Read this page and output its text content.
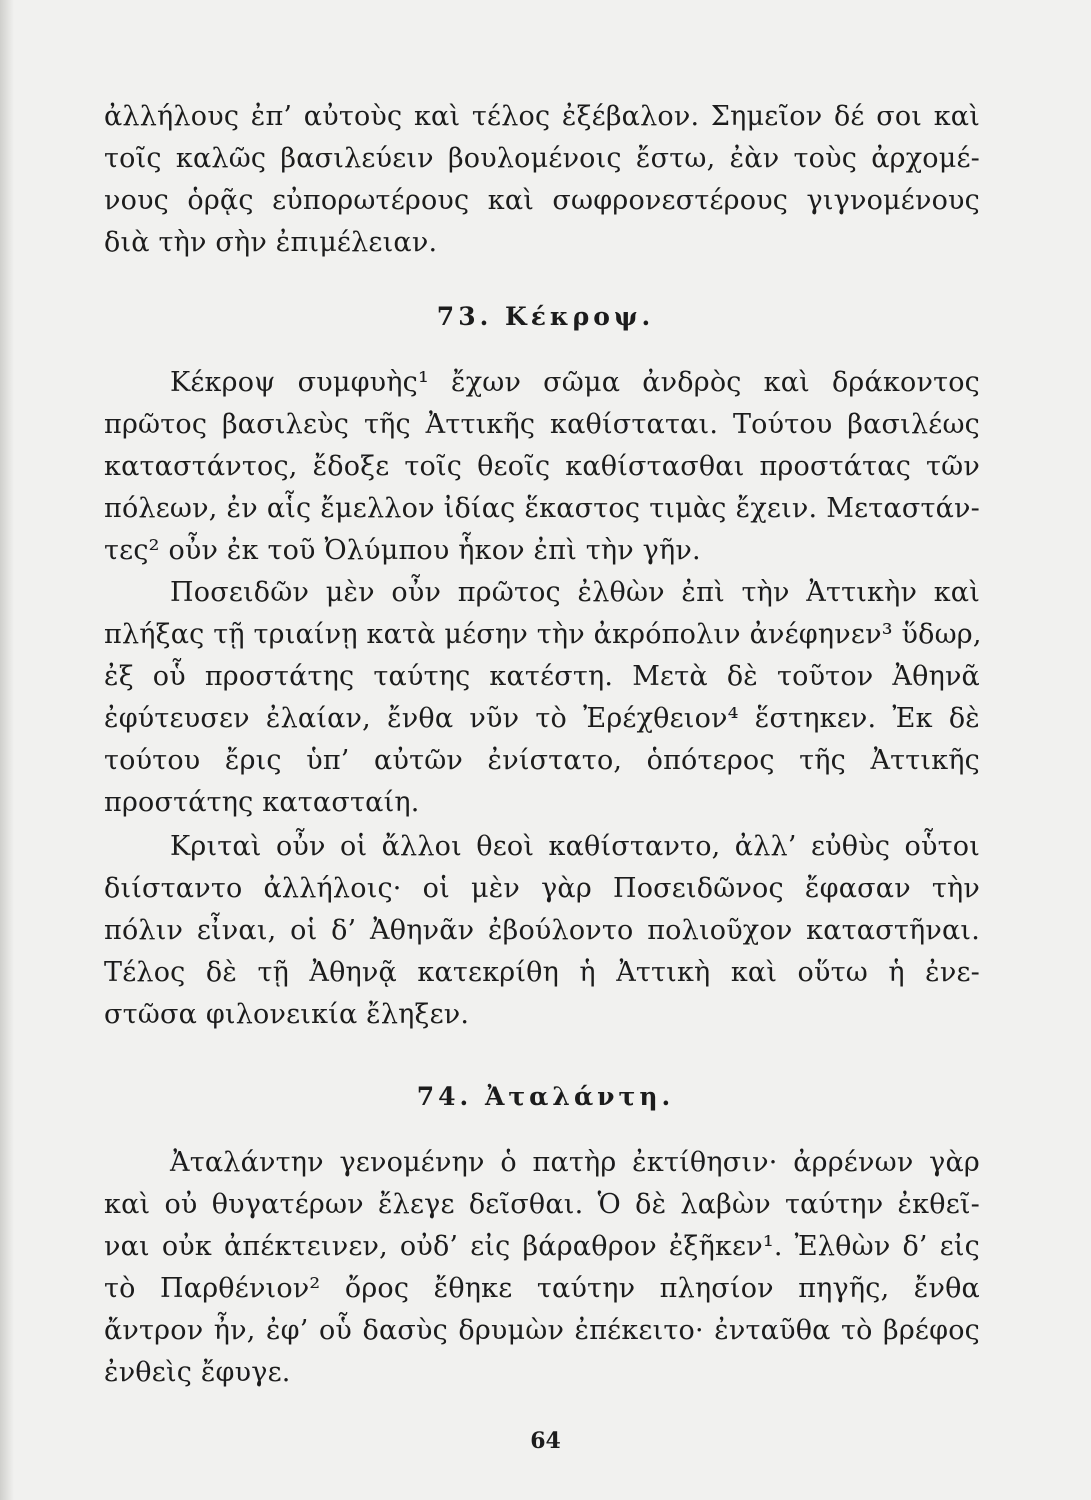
ἀλλήλους ἐπ’ αὐτοὺς καὶ τέλος ἐξέβαλον. Σημεῖον δέ σοι καὶ
τοῖς καλῶς βασιλεύειν βουλομένοις ἔστω, ἐὰν τοὺς ἀρχομέ-
νους ὁρᾷς εὐπορωτέρους καὶ σωφρονεστέρους γιγνομένους
διὰ τὴν σὴν ἐπιμέλειαν.
73. Κέκροψ.
Κέκροψ συμφυὴς¹ ἔχων σῶμα ἀνδρὸς καὶ δράκοντος
πρῶτος βασιλεὺς τῆς Ἀττικῆς καθίσταται. Τούτου βασιλέως
καταστάντος, ἔδοξε τοῖς θεοῖς καθίστασθαι προστάτας τῶν
πόλεων, ἐν αἷς ἔμελλον ἰδίας ἕκαστος τιμὰς ἔχειν. Μεταστάν-
τες² οὖν ἐκ τοῦ Ὀλύμπου ἧκον ἐπὶ τὴν γῆν.
Ποσειδῶν μὲν οὖν πρῶτος ἐλθὼν ἐπὶ τὴν Ἀττικὴν καὶ
πλήξας τῇ τριαίνῃ κατὰ μέσην τὴν ἀκρόπολιν ἀνέφηνεν³ ὕδωρ,
ἐξ οὗ προστάτης ταύτης κατέστη. Μετὰ δὲ τοῦτον Ἀθηνᾶ
ἐφύτευσεν ἐλαίαν, ἔνθα νῦν τὸ Ἐρέχθειον⁴ ἕστηκεν. Ἐκ δὲ
τούτου ἔρις ὑπ’ αὐτῶν ἐνίστατο, ὁπότερος τῆς Ἀττικῆς
προστάτης κατασταίη.
Κριταὶ οὖν οἱ ἄλλοι θεοὶ καθίσταντο, ἀλλ’ εὐθὺς οὗτοι
διίσταντο ἀλλήλοις· οἱ μὲν γὰρ Ποσειδῶνος ἔφασαν τὴν
πόλιν εἶναι, οἱ δ’ Ἀθηνᾶν ἐβούλοντο πολιοῦχον καταστῆναι.
Τέλος δὲ τῇ Ἀθηνᾷ κατεκρίθη ἡ Ἀττικὴ καὶ οὕτω ἡ ἐνε-
στῶσα φιλονεικία ἔληξεν.
74. Ἀταλάντη.
Ἀταλάντην γενομένην ὁ πατὴρ ἐκτίθησιν· ἀρρένων γὰρ
καὶ οὐ θυγατέρων ἔλεγε δεῖσθαι. Ὁ δὲ λαβὼν ταύτην ἐκθεῖ-
ναι οὐκ ἀπέκτεινεν, οὐδ’ εἰς βάραθρον ἐξῆκεν¹. Ἐλθὼν δ’ εἰς
τὸ Παρθένιον² ὄρος ἔθηκε ταύτην πλησίον πηγῆς, ἔνθα
ἄντρον ἦν, ἐφ’ οὗ δασὺς δρυμὼν ἐπέκειτο· ἐνταῦθα τὸ βρέφος
ἐνθεὶς ἔφυγε.
64
